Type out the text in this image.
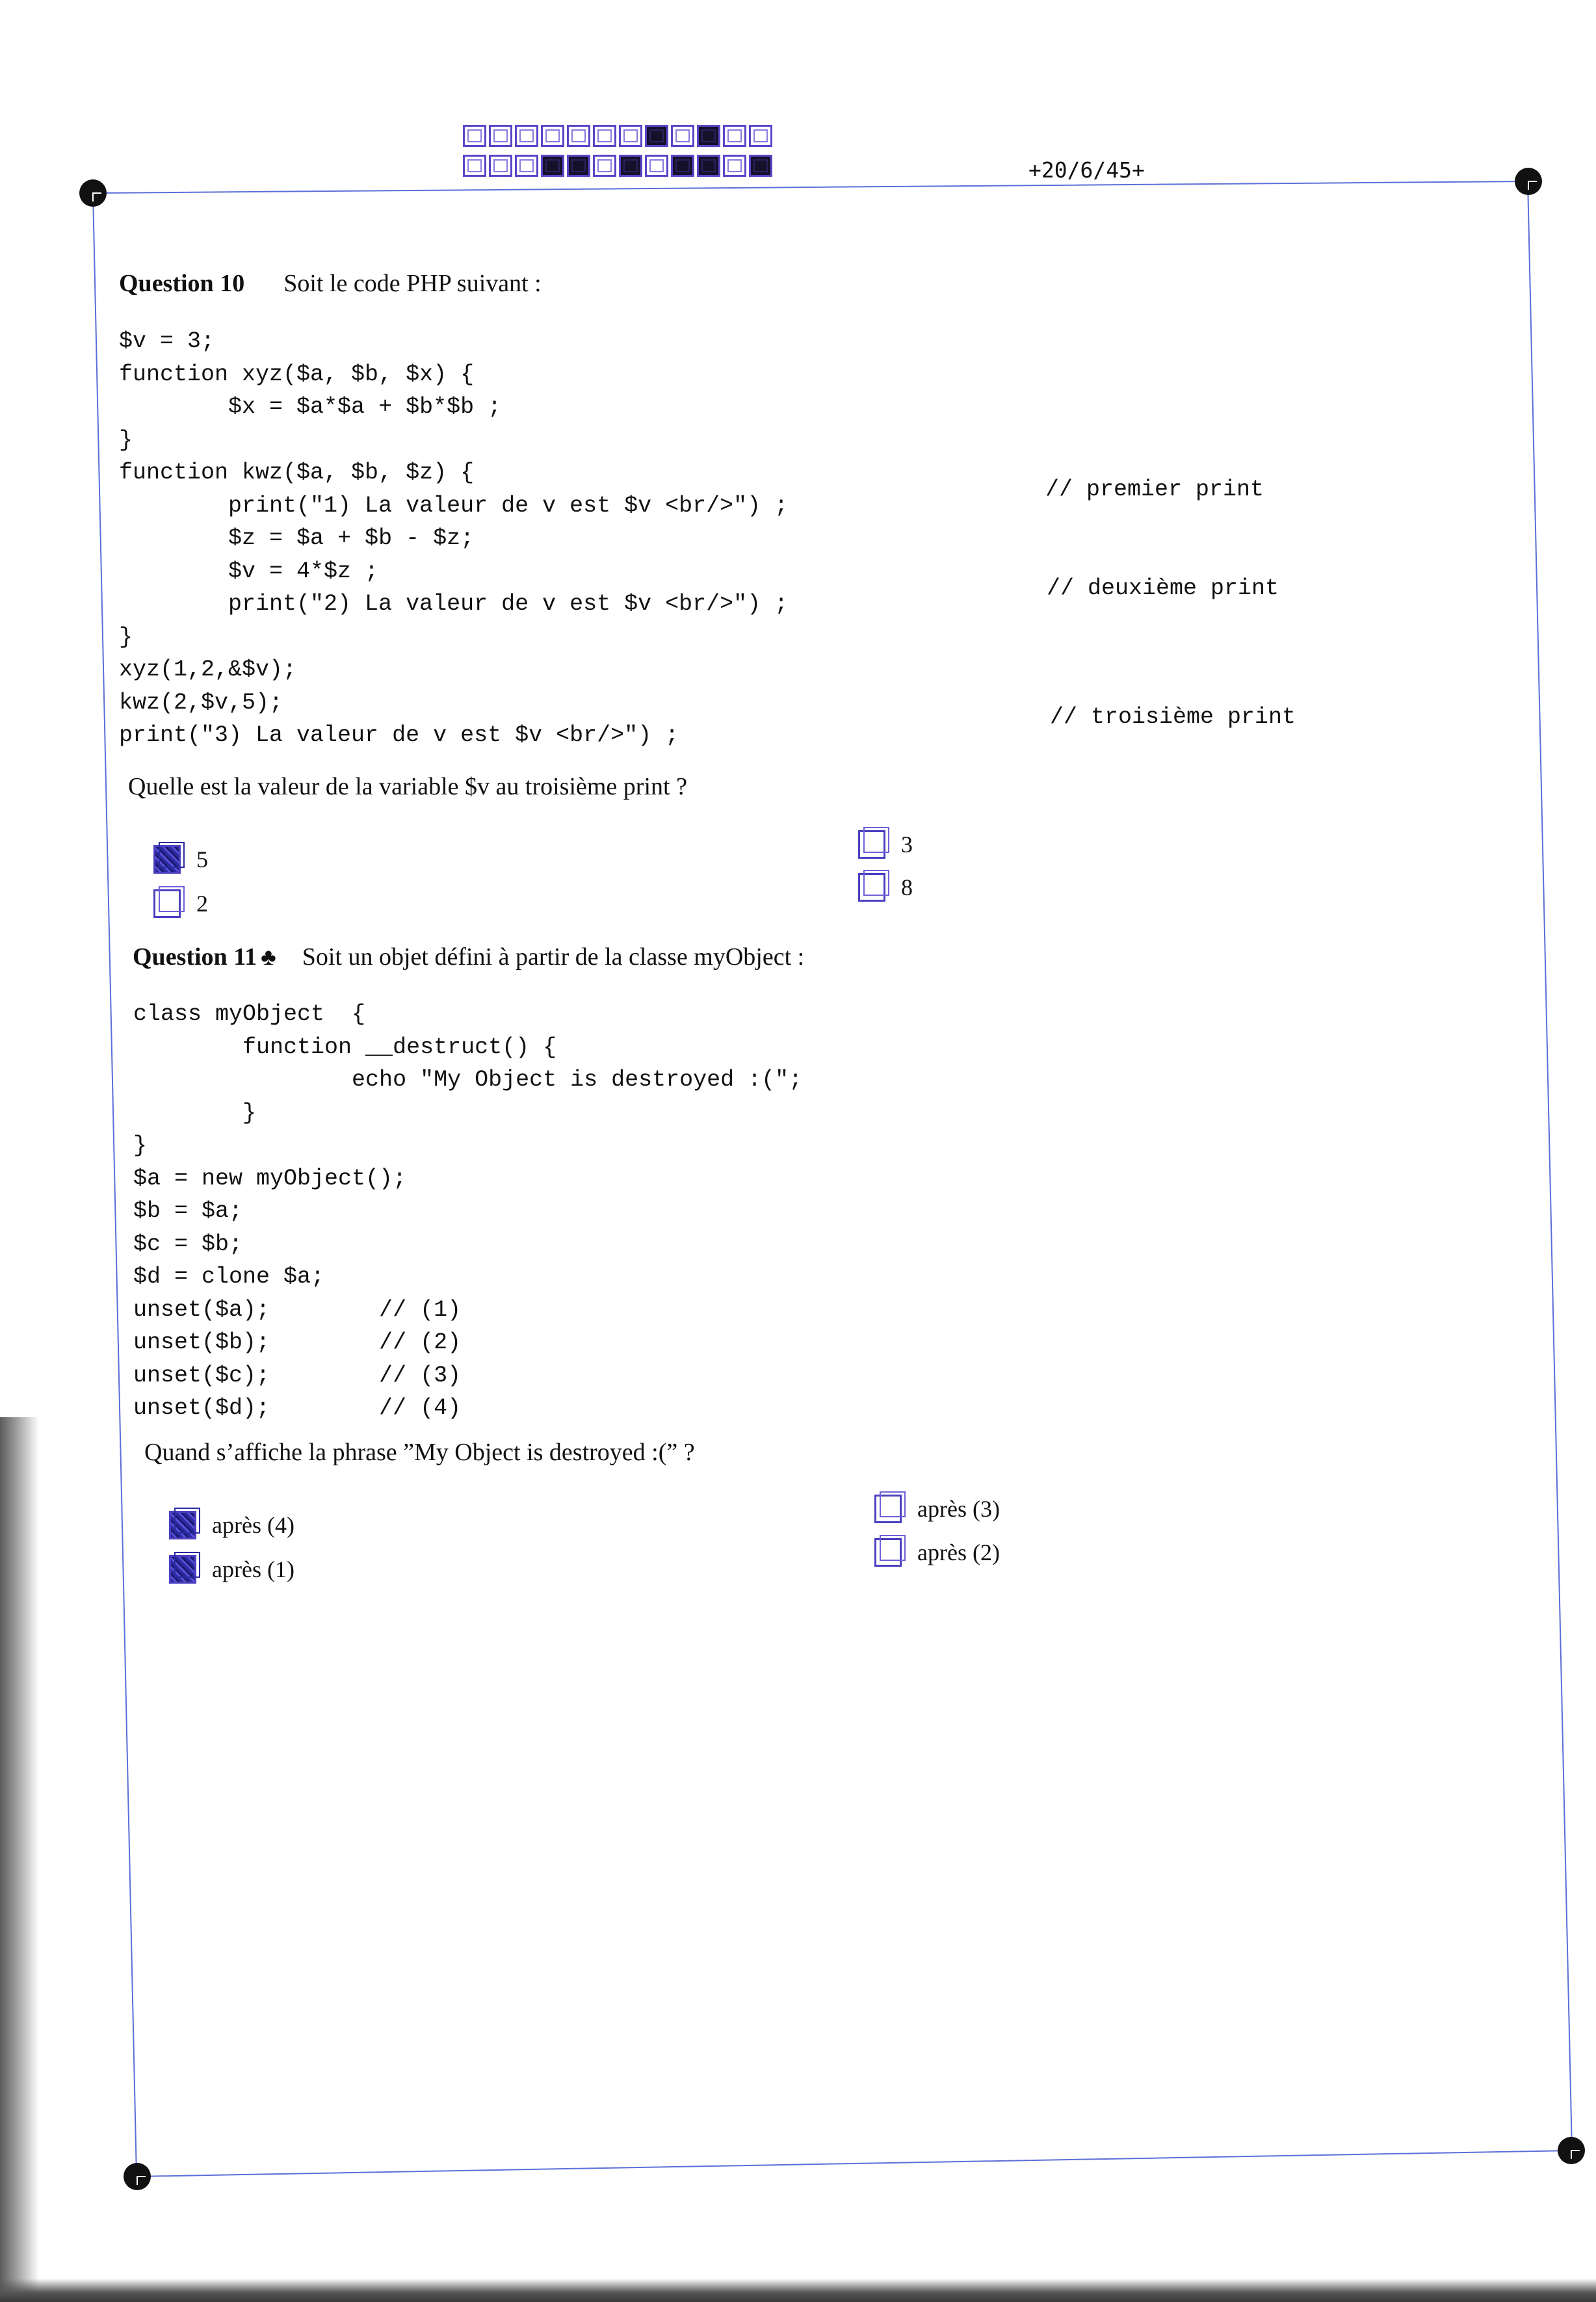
+20/6/45+
Question 10 Soit le code PHP suivant :
$v = 3;
function xyz($a, $b, $x) {
$x = $a*$a + $b*$b ;
}
function kwz($a, $b, $z) {
print("1) La valeur de v est $v <br/>") ;
$z = $a + $b - $z;
$v = 4*$z ;
print("2) La valeur de v est $v <br/>") ;
}
xyz(1,2,&$v);
kwz(2,$v,5);
print("3) La valeur de v est $v <br/>") ;
// premier print
// deuxième print
// troisième print
Quelle est la valeur de la variable $v au troisième print ?
5
2
3
8
Question 11 ♣ Soit un objet défini à partir de la classe myObject :
class myObject  {
function __destruct() {
echo "My Object is destroyed :(";
}
}
$a = new myObject();
$b = $a;
$c = $b;
$d = clone $a;
unset($a);        // (1)
unset($b);        // (2)
unset($c);        // (3)
unset($d);        // (4)
Quand s’affiche la phrase ”My Object is destroyed :(” ?
après (4)
après (1)
après (3)
après (2)
